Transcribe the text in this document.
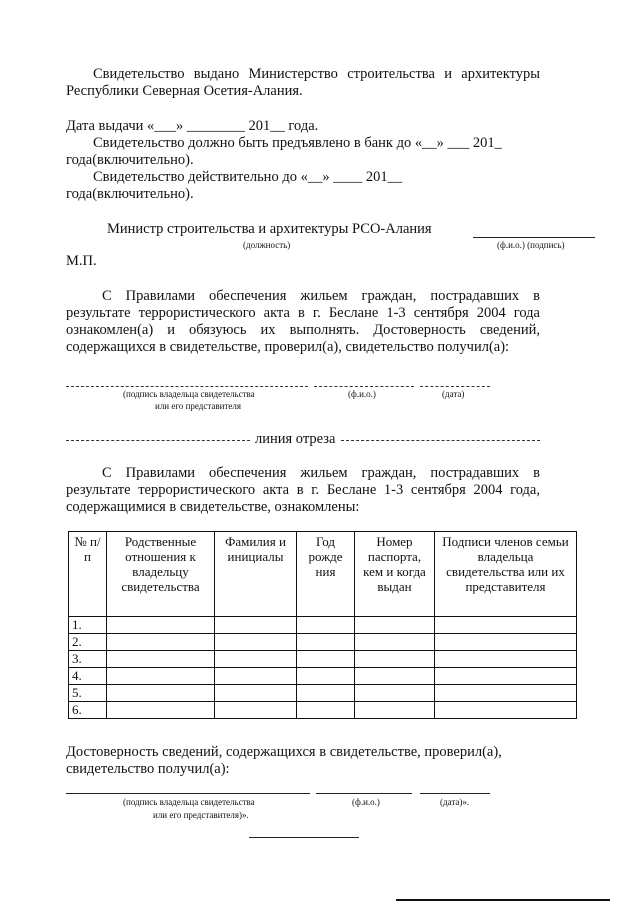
Свидетельство выдано Министерство строительства и архитектуры
Республики Северная Осетия-Алания.
Дата выдачи «___» ________ 201__ года.
Свидетельство должно быть предъявлено в банк до «__» ___ 201_
года(включительно).
Свидетельство действительно до «__» ____ 201__
года(включительно).
Министр строительства и архитектуры РСО-Алания
(должность)	(ф.и.о.) (подпись)
М.П.
С Правилами обеспечения жильем граждан, пострадавших в
результате террористического акта в г. Беслане 1-3 сентября 2004 года
ознакомлен(а) и обязуюсь их выполнять. Достоверность сведений,
содержащихся в свидетельстве, проверил(а), свидетельство получил(а):
(подпись владельца свидетельства
или его представителя
(ф.и.о.)	(дата)
линия отреза
С Правилами обеспечения жильем граждан, пострадавших в
результате террористического акта в г. Беслане 1-3 сентября 2004 года,
содержащимися в свидетельстве, ознакомлены:
№ п/п	Родственные отношения к владельцу свидетельства	Фамилия и инициалы	Год рожде ния	Номер паспорта, кем и когда выдан	Подписи членов семьи владельца свидетельства или их представителя
1.					
2.					
3.					
4.					
5.					
6.					
Достоверность сведений, содержащихся в свидетельстве, проверил(а),
свидетельство получил(а):
(подпись владельца свидетельства
или его представителя)».
(ф.и.о.)	(дата)».
